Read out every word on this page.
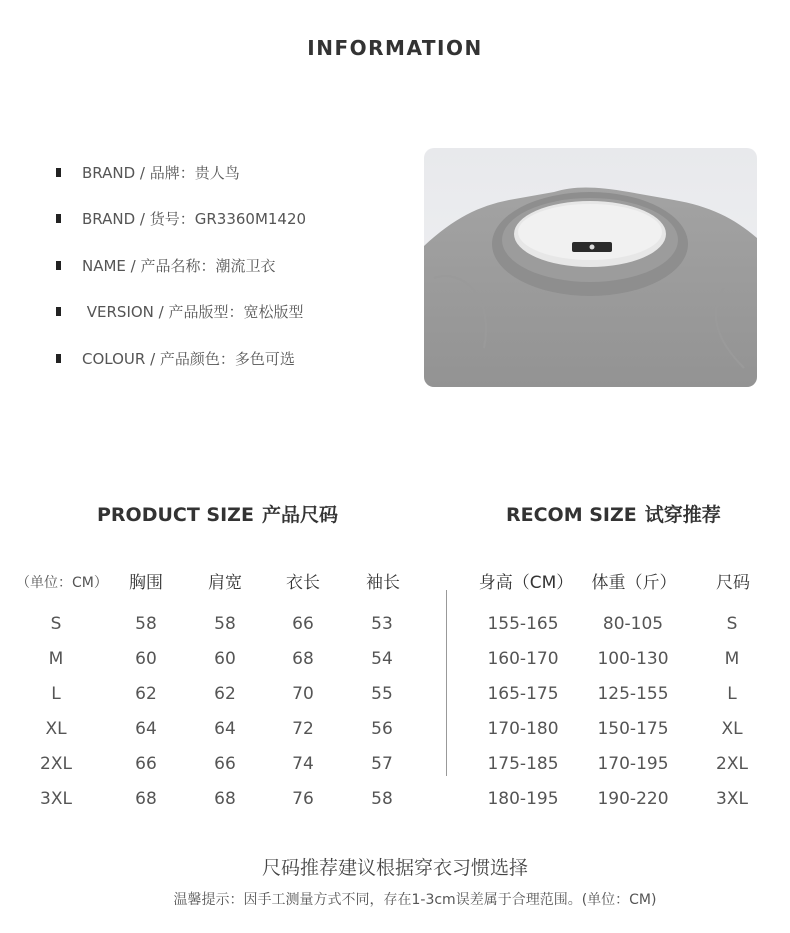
INFORMATION
BRAND / 品牌：贵人鸟
BRAND / 货号：GR3360M1420
NAME / 产品名称：潮流卫衣
VERSION / 产品版型：宽松版型
COLOUR / 产品颜色：多色可选
PRODUCT SIZE 产品尺码	RECOM SIZE 试穿推荐
（单位：CM） 胸围	肩宽	衣长	袖长	身高（CM） 体重（斤） 尺码
S	58	58	66	53
M	60	60	68	54
L	62	62	70	55
XL	64	64	72	56
2XL	66	66	74	57
3XL	68	68	76	58
155-165	80-105	S
160-170 100-130	M
165-175 125-155	L
170-180 150-175	XL
175-185 170-195	2XL
180-195 190-220	3XL
尺码推荐建议根据穿衣习惯选择
温馨提示：因手工测量方式不同，存在1-3cm误差属于合理范围。(单位：CM)
